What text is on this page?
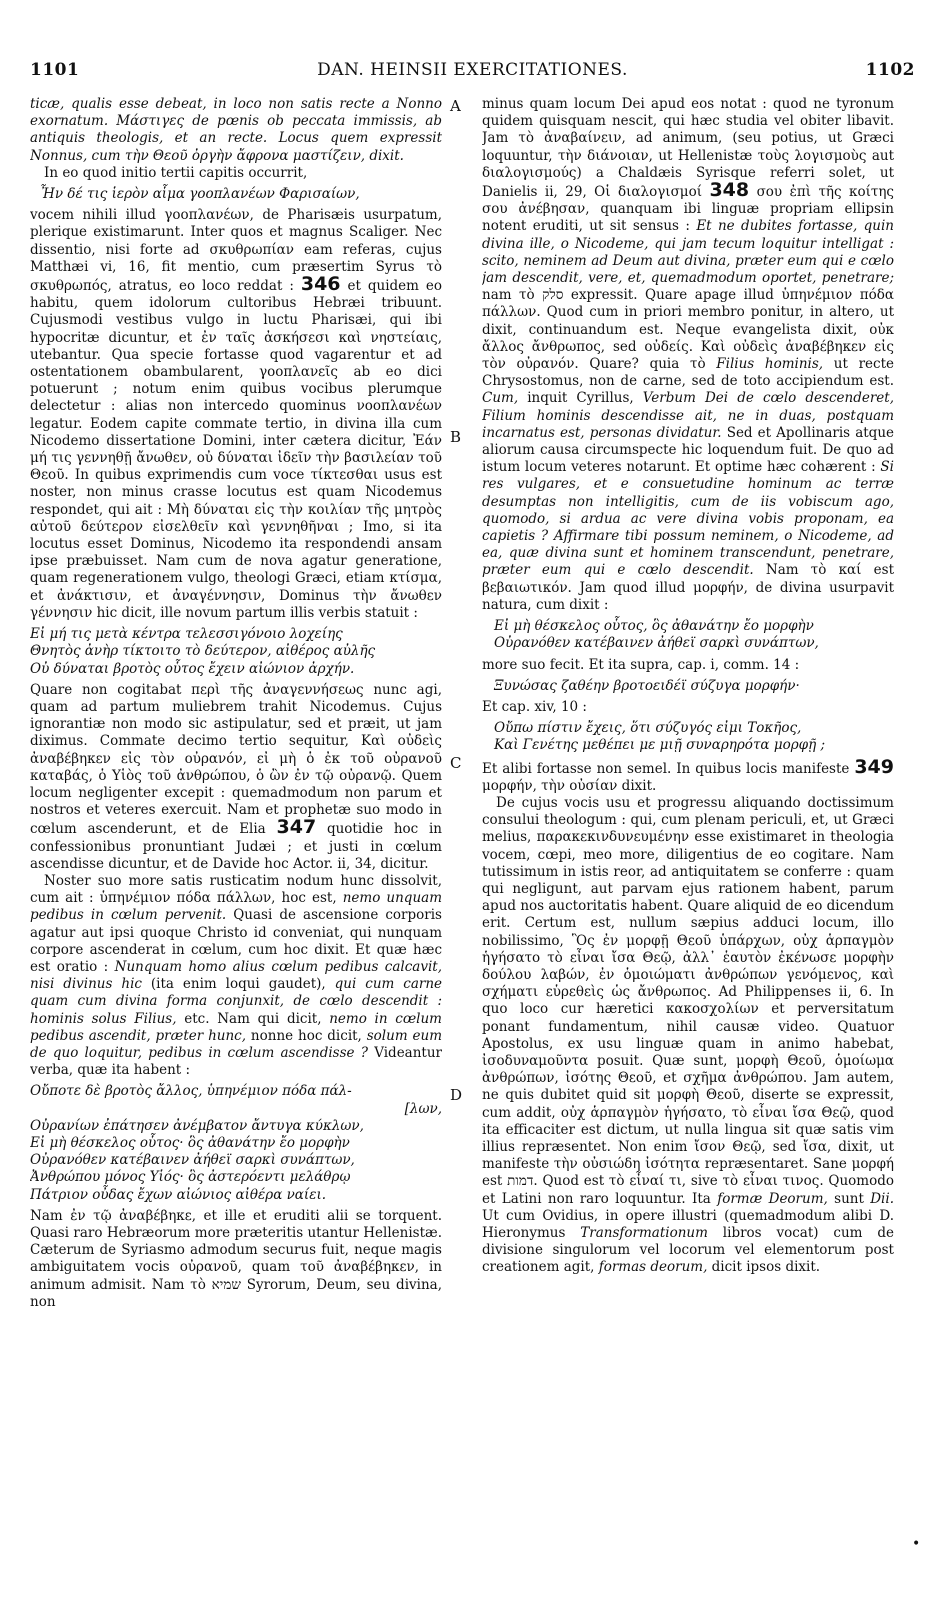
1101	DAN. HEINSII EXERCITATIONES.	1102
A
B
C
D

ticæ, qualis esse debeat, in loco non satis recte a Nonno exornatum. Μάστιγες de pœnis ob peccata immissis, ab antiquis theologis, et an recte. Locus quem expressit Nonnus, cum τὴν Θεοῦ ὀργὴν ἄφρονα μαστίζειν, dixit.

In eo quod initio tertii capitis occurrit,

Ἦν δέ τις ἱερὸν αἷμα γοοπλανέων Φαρισαίων,

vocem nihili illud γοοπλανέων, de Pharisæis usurpatum, plerique existimarunt. Inter quos et magnus Scaliger. Nec dissentio, nisi forte ad σκυθρωπίαν eam referas, cujus Matthæi vi, 16, fit mentio, cum præsertim Syrus τὸ σκυθρωπός, atratus, eo loco reddat : 346 et quidem eo habitu, quem idolorum cultoribus Hebræi tribuunt. Cujusmodi vestibus vulgo in luctu Pharisæi, qui ibi hypocritæ dicuntur, et ἐν ταῖς ἀσκήσεσι καὶ νηστείαις, utebantur. Qua specie fortasse quod vagarentur et ad ostentationem obambularent, γοοπλανεῖς ab eo dici potuerunt ; notum enim quibus vocibus plerumque delectetur : alias non intercedo quominus νοοπλανέων legatur. Eodem capite commate tertio, in divina illa cum Nicodemo dissertatione Domini, inter cætera dicitur, Ἐάν μή τις γεννηθῇ ἄνωθεν, οὐ δύναται ἰδεῖν τὴν βασιλείαν τοῦ Θεοῦ. In quibus exprimendis cum voce τίκτεσθαι usus est noster, non minus crasse locutus est quam Nicodemus respondet, qui ait : Μὴ δύναται εἰς τὴν κοιλίαν τῆς μητρὸς αὐτοῦ δεύτερον εἰσελθεῖν καὶ γεννηθῆναι ; Imo, si ita locutus esset Dominus, Nicodemo ita respondendi ansam ipse præbuisset. Nam cum de nova agatur generatione, quam regenerationem vulgo, theologi Græci, etiam κτίσμα, et ἀνάκτισιν, et ἀναγέννησιν, Dominus τὴν ἄνωθεν γέννησιν hic dicit, ille novum partum illis verbis statuit :

Εἰ μή τις μετὰ κέντρα τελεσσιγόνοιο λοχείης
Θνητὸς ἀνὴρ τίκτοιτο τὸ δεύτερον, αἰθέρος αὐλῆς
Οὐ δύναται βροτὸς οὗτος ἔχειν αἰώνιον ἀρχήν.

Quare non cogitabat περὶ τῆς ἀναγεννήσεως nunc agi, quam ad partum muliebrem trahit Nicodemus. Cujus ignorantiæ non modo sic astipulatur, sed et præit, ut jam diximus. Commate decimo tertio sequitur, Καὶ οὐδεὶς ἀναβέβηκεν εἰς τὸν οὐρανόν, εἰ μὴ ὁ ἐκ τοῦ οὐρανοῦ καταβάς, ὁ Υἱὸς τοῦ ἀνθρώπου, ὁ ὢν ἐν τῷ οὐρανῷ. Quem locum negligenter excepit : quemadmodum non parum et nostros et veteres exercuit. Nam et prophetæ suo modo in cœlum ascenderunt, et de Elia 347 quotidie hoc in confessionibus pronuntiant Judæi ; et justi in cœlum ascendisse dicuntur, et de Davide hoc Actor. ii, 34, dicitur.

Noster suo more satis rusticatim nodum hunc dissolvit, cum ait : ὑπηνέμιον πόδα πάλλων, hoc est, nemo unquam pedibus in cœlum pervenit. Quasi de ascensione corporis agatur aut ipsi quoque Christo id conveniat, qui nunquam corpore ascenderat in cœlum, cum hoc dixit. Et quæ hæc est oratio : Nunquam homo alius cœlum pedibus calcavit, nisi divinus hic (ita enim loqui gaudet), qui cum carne quam cum divina forma conjunxit, de cœlo descendit : hominis solus Filius, etc. Nam qui dicit, nemo in cœlum pedibus ascendit, præter hunc, nonne hoc dicit, solum eum de quo loquitur, pedibus in cœlum ascendisse ? Videantur verba, quæ ita habent :

Οὔποτε δὲ βροτὸς ἄλλος, ὑπηνέμιον πόδα πάλ-
[λων,
Οὐρανίων ἐπάτησεν ἀνέμβατον ἄντυγα κύκλων,
Εἰ μὴ θέσκελος οὗτος· ὃς ἀθανάτην ἔο μορφὴν
Οὐρανόθεν κατέβαινεν ἀήθεϊ σαρκὶ συνάπτων,
Ἀνθρώπου μόνος Υἱός· ὃς ἀστερόεντι μελάθρῳ
Πάτριον οὖδας ἔχων αἰώνιος αἰθέρα ναίει.

Nam ἐν τῷ ἀναβέβηκε, et ille et eruditi alii se torquent. Quasi raro Hebræorum more præteritis utantur Hellenistæ. Cæterum de Syriasmo admodum securus fuit, neque magis ambiguitatem vocis οὐρανοῦ, quam τοῦ ἀναβέβηκεν, in animum admisit. Nam τὸ שמיא Syrorum, Deum, seu divina, non

minus quam locum Dei apud eos notat : quod ne tyronum quidem quisquam nescit, qui hæc studia vel obiter libavit. Jam τὸ ἀναβαίνειν, ad animum, (seu potius, ut Græci loquuntur, τὴν διάνοιαν, ut Hellenistæ τοὺς λογισμοὺς aut διαλογισμούς) a Chaldæis Syrisque referri solet, ut Danielis ii, 29, Οἱ διαλογισμοί 348 σου ἐπὶ τῆς κοίτης σου ἀνέβησαν, quanquam ibi linguæ propriam ellipsin notent eruditi, ut sit sensus : Et ne dubites fortasse, quin divina ille, o Nicodeme, qui jam tecum loquitur intelligat : scito, neminem ad Deum aut divina, præter eum qui e cœlo jam descendit, vere, et, quemadmodum oportet, penetrare; nam τὸ סלק expressit. Quare apage illud ὑπηνέμιον πόδα πάλλων. Quod cum in priori membro ponitur, in altero, ut dixit, continuandum est. Neque evangelista dixit, οὐκ ἄλλος ἄνθρωπος, sed οὐδείς. Καὶ οὐδεὶς ἀναβέβηκεν εἰς τὸν οὐρανόν. Quare? quia τὸ Filius hominis, ut recte Chrysostomus, non de carne, sed de toto accipiendum est. Cum, inquit Cyrillus, Verbum Dei de cœlo descenderet, Filium hominis descendisse ait, ne in duas, postquam incarnatus est, personas dividatur. Sed et Apollinaris atque aliorum causa circumspecte hic loquendum fuit. De quo ad istum locum veteres notarunt. Et optime hæc cohærent : Si res vulgares, et e consuetudine hominum ac terræ desumptas non intelligitis, cum de iis vobiscum ago, quomodo, si ardua ac vere divina vobis proponam, ea capietis ? Affirmare tibi possum neminem, o Nicodeme, ad ea, quæ divina sunt et hominem transcendunt, penetrare, præter eum qui e cœlo descendit. Nam τὸ καί est βεβαιωτικόν. Jam quod illud μορφήν, de divina usurpavit natura, cum dixit :

Εἰ μὴ θέσκελος οὗτος, ὃς ἀθανάτην ἔο μορφὴν
Οὐρανόθεν κατέβαινεν ἀήθεϊ σαρκὶ συνάπτων,

more suo fecit. Et ita supra, cap. i, comm. 14 :

Ξυνώσας ζαθέην βροτοειδέϊ σύζυγα μορφήν·

Et cap. xiv, 10 :

Οὔπω πίστιν ἔχεις, ὅτι σύζυγός εἰμι Τοκῆος,
Καὶ Γενέτης μεθέπει με μιῇ συναρηρότα μορφῇ ;

Et alibi fortasse non semel. In quibus locis manifeste 349 μορφήν, τὴν οὐσίαν dixit.

De cujus vocis usu et progressu aliquando doctissimum consului theologum : qui, cum plenam periculi, et, ut Græci melius, παρακεκινδυνευμένην esse existimaret in theologia vocem, cœpi, meo more, diligentius de eo cogitare. Nam tutissimum in istis reor, ad antiquitatem se conferre : quam qui negligunt, aut parvam ejus rationem habent, parum apud nos auctoritatis habent. Quare aliquid de eo dicendum erit. Certum est, nullum sæpius adduci locum, illo nobilissimo, Ὃς ἐν μορφῇ Θεοῦ ὑπάρχων, οὐχ ἁρπαγμὸν ἡγήσατο τὸ εἶναι ἴσα Θεῷ, ἀλλ᾽ ἑαυτὸν ἐκένωσε μορφὴν δούλου λαβών, ἐν ὁμοιώματι ἀνθρώπων γενόμενος, καὶ σχήματι εὑρεθεὶς ὡς ἄνθρωπος. Ad Philippenses ii, 6. In quo loco cur hæretici κακοσχολίων et perversitatum ponant fundamentum, nihil causæ video. Quatuor Apostolus, ex usu linguæ quam in animo habebat, ἰσοδυναμοῦντα posuit. Quæ sunt, μορφὴ Θεοῦ, ὁμοίωμα ἀνθρώπων, ἰσότης Θεοῦ, et σχῆμα ἀνθρώπου. Jam autem, ne quis dubitet quid sit μορφὴ Θεοῦ, diserte se expressit, cum addit, οὐχ ἁρπαγμὸν ἡγήσατο, τὸ εἶναι ἴσα Θεῷ, quod ita efficaciter est dictum, ut nulla lingua sit quæ satis vim illius repræsentet. Non enim ἴσον Θεῷ, sed ἴσα, dixit, ut manifeste τὴν οὐσιώδη ἰσότητα repræsentaret. Sane μορφή est דמות. Quod est τὸ εἶναί τι, sive τὸ εἶναι τινος. Quomodo et Latini non raro loquuntur. Ita formæ Deorum, sunt Dii. Ut cum Ovidius, in opere illustri (quemadmodum alibi D. Hieronymus Transformationum libros vocat) cum de divisione singulorum vel locorum vel elementorum post creationem agit, formas deorum, dicit ipsos dixit.

•
